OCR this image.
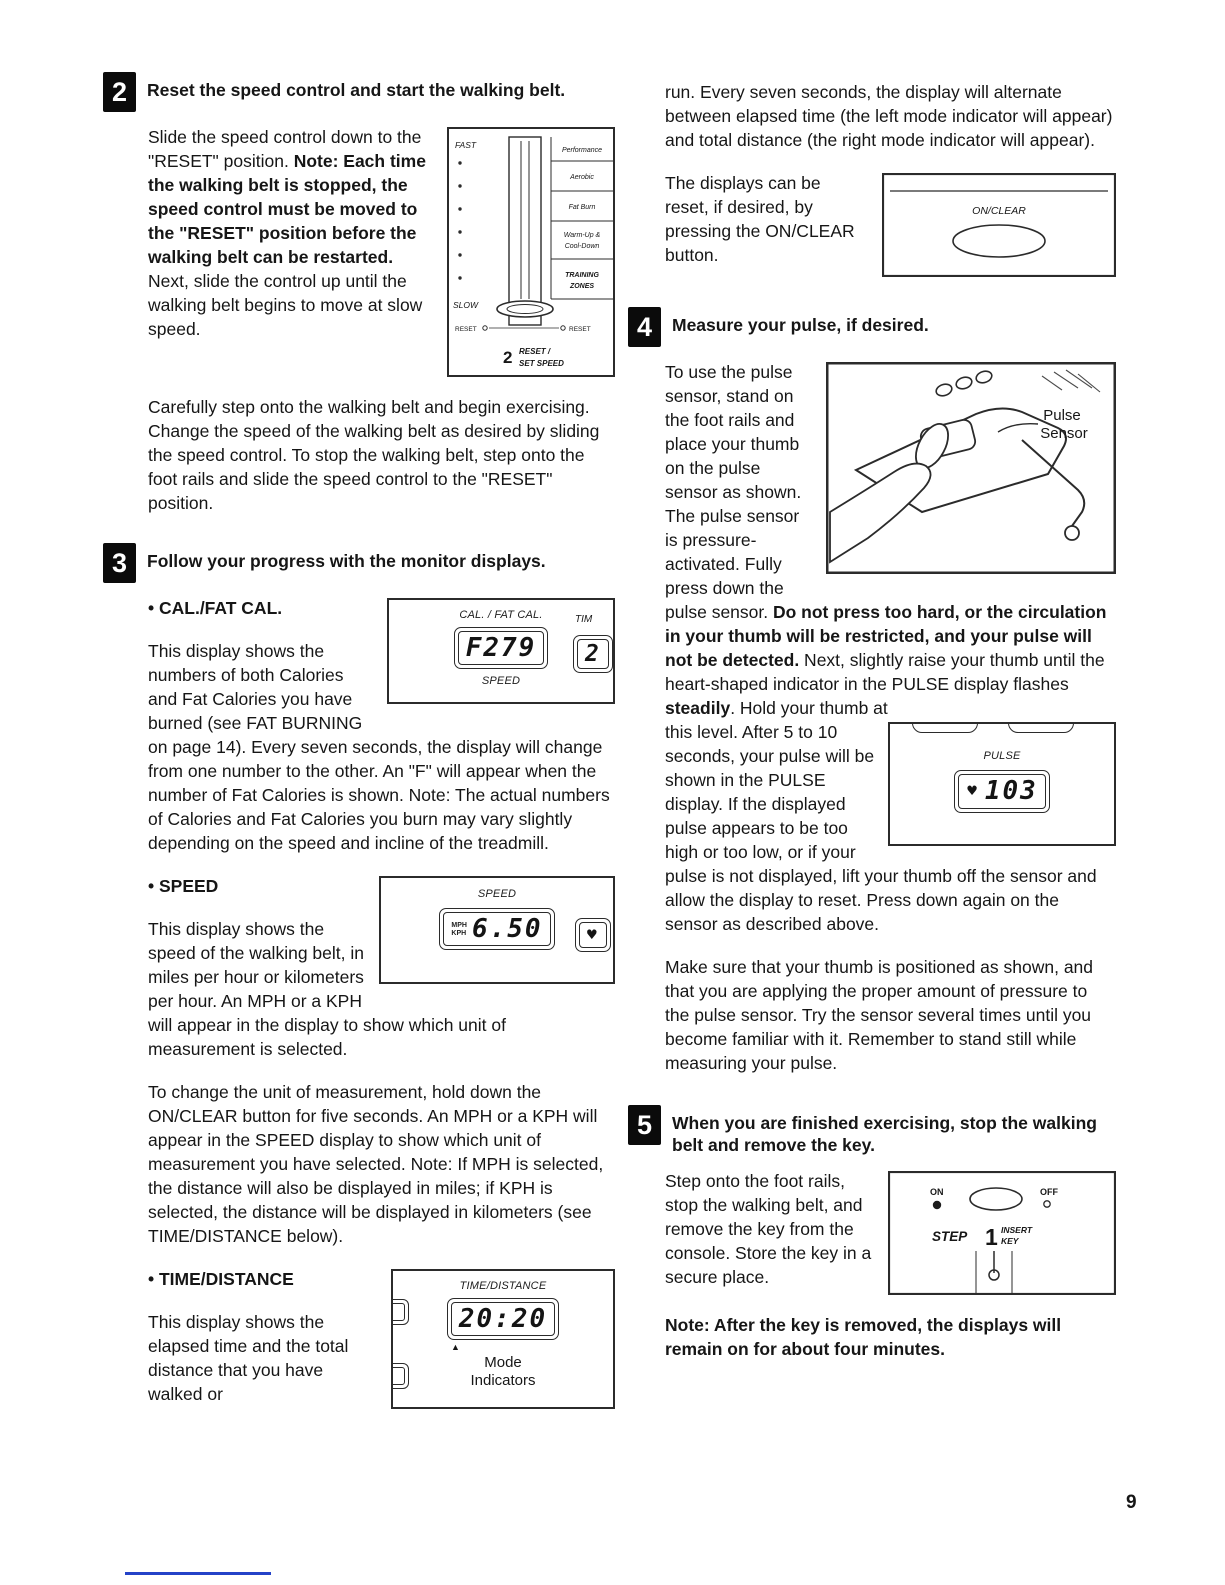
2	Reset the speed control and start the walking belt.
FAST
SLOW
Performance
Aerobic
Fat Burn
Warm-Up &
Cool-Down
TRAINING
ZONES
RESET	RESET
2 RESET /
SET SPEED

Slide the speed control down to the "RESET" position. Note: Each time the walking belt is stopped, the speed control must be moved to the "RESET" position before the walking belt can be restarted. Next, slide the control up until the walking belt begins to move at slow speed.

Carefully step onto the walking belt and begin exercising. Change the speed of the walking belt as desired by sliding the speed control. To stop the walking belt, step onto the foot rails and slide the speed control to the "RESET" position.

3	Follow your progress with the monitor displays.
CAL. / FAT CAL.
F279
SPEED
TIM
2

• CAL./FAT CAL.

This display shows the numbers of both Calories and Fat Calories you have burned (see FAT BURNING on page 14). Every seven seconds, the display will change from one number to the other. An "F" will appear when the number of Fat Calories is shown. Note: The actual numbers of Calories and Fat Calories you burn may vary slightly depending on the speed and incline of the treadmill.

SPEED
MPH
KPH 6.50	♥

• SPEED

This display shows the speed of the walking belt, in miles per hour or kilometers per hour. An MPH or a KPH will appear in the display to show which unit of measurement is selected.

To change the unit of measurement, hold down the ON/CLEAR button for five seconds. An MPH or a KPH will appear in the SPEED display to show which unit of measurement you have selected. Note: If MPH is selected, the distance will also be displayed in miles; if KPH is selected, the distance will be displayed in kilometers (see TIME/DISTANCE below).

TIME/DISTANCE
20:20
▲
Mode
Indicators

• TIME/DISTANCE

This display shows the elapsed time and the total distance that you have walked or

run. Every seven seconds, the display will alternate between elapsed time (the left mode indicator will appear) and total distance (the right mode indicator will appear).

ON/CLEAR

The displays can be reset, if desired, by pressing the ON/CLEAR button.

4	Measure your pulse, if desired.
Pulse
Sensor

To use the pulse sensor, stand on the foot rails and place your thumb on the pulse sensor as shown. The pulse sensor is pressure-activated. Fully press down the pulse sensor. Do not press too hard, or the circulation in your thumb will be restricted, and your pulse will not be detected. Next, slightly raise your thumb until the heart-shaped indicator in the PULSE display flashes steadily. Hold your thumb at

PULSE
♥ 103

this level. After 5 to 10 seconds, your pulse will be shown in the PULSE display. If the displayed pulse appears to be too high or too low, or if your pulse is not displayed, lift your thumb off the sensor and allow the display to reset. Press down again on the sensor as described above.

Make sure that your thumb is positioned as shown, and that you are applying the proper amount of pressure to the pulse sensor. Try the sensor several times until you become familiar with it. Remember to stand still while measuring your pulse.

5	When you are finished exercising, stop the walking belt and remove the key.
ON	OFF
STEP 1 INSERT
KEY

Step onto the foot rails, stop the walking belt, and remove the key from the console. Store the key in a secure place.

Note: After the key is removed, the displays will remain on for about four minutes.

9
